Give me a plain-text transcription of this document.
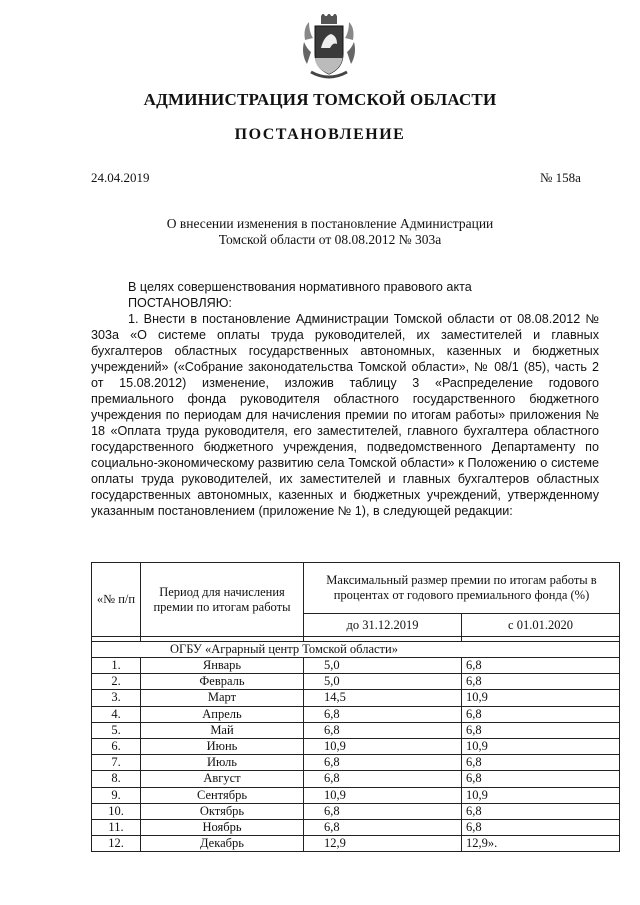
АДМИНИСТРАЦИЯ ТОМСКОЙ ОБЛАСТИ
ПОСТАНОВЛЕНИЕ
24.04.2019	№ 158а
О внесении изменения в постановление Администрации
Томской области от 08.08.2012 № 303а

В целях совершенствования нормативного правового акта

ПОСТАНОВЛЯЮ:

1. Внести в постановление Администрации Томской области от 08.08.2012 № 303а «О системе оплаты труда руководителей, их заместителей и главных бухгалтеров областных государственных автономных, казенных и бюджетных учреждений» («Собрание законодательства Томской области», № 08/1 (85), часть 2 от 15.08.2012) изменение, изложив таблицу 3 «Распределение годового премиального фонда руководителя областного государственного бюджетного учреждения по периодам для начисления премии по итогам работы» приложения № 18 «Оплата труда руководителя, его заместителей, главного бухгалтера областного государственного бюджетного учреждения, подведомственного Департаменту по социально-экономическому развитию села Томской области» к Положению о системе оплаты труда руководителей, их заместителей и главных бухгалтеров областных государственных автономных, казенных и бюджетных учреждений, утвержденному указанным постановлением (приложение № 1), в следующей редакции:

«№ п/п	Период для начисления премии по итогам работы	Максимальный размер премии по итогам работы в процентах от годового премиального фонда (%)	
		до 31.12.2019	с 01.01.2020

ОГБУ «Аграрный центр Томской области»			
1.	Январь	5,0	6,8
2.	Февраль	5,0	6,8
3.	Март	14,5	10,9
4.	Апрель	6,8	6,8
5.	Май	6,8	6,8
6.	Июнь	10,9	10,9
7.	Июль	6,8	6,8
8.	Август	6,8	6,8
9.	Сентябрь	10,9	10,9
10.	Октябрь	6,8	6,8
11.	Ноябрь	6,8	6,8
12.	Декабрь	12,9	12,9».
